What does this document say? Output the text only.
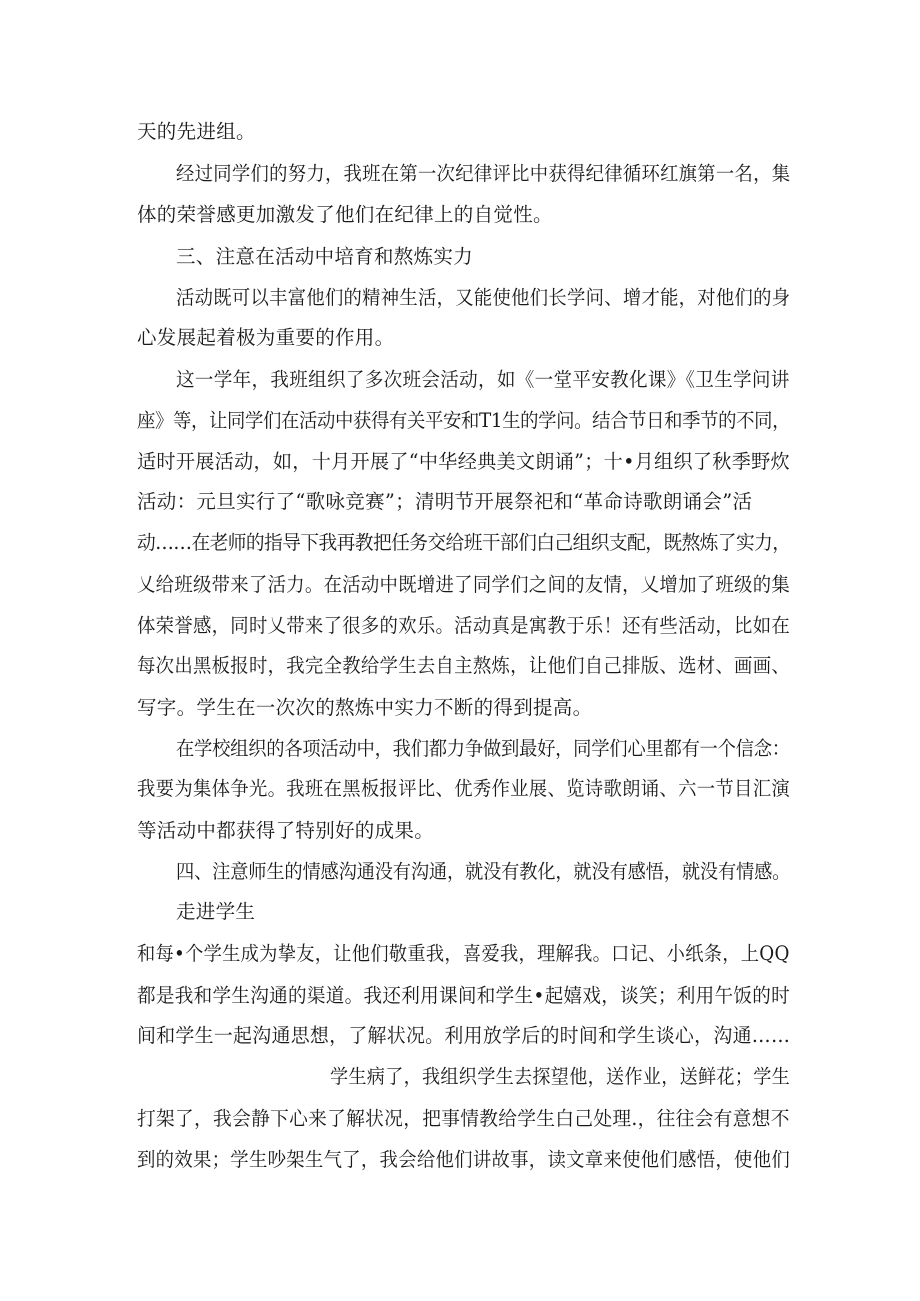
天的先进组。
经过同学们的努力，我班在第一次纪律评比中获得纪律循环红旗第一名，集
体的荣誉感更加激发了他们在纪律上的自觉性。
三、注意在活动中培育和熬炼实力
活动既可以丰富他们的精神生活，又能使他们长学问、增才能，对他们的身
心发展起着极为重要的作用。
这一学年，我班组织了多次班会活动，如《一堂平安教化课》《卫生学问讲
座》等，让同学们在活动中获得有关平安和T1生的学问。结合节日和季节的不同，
适时开展活动，如，十月开展了“中华经典美文朗诵”；十•月组织了秋季野炊
活动：元旦实行了“歌咏竞赛”；清明节开展祭祀和“革命诗歌朗诵会”活
动……在老师的指导下我再教把任务交给班干部们白己组织支配，既熬炼了实力，
乂给班级带来了活力。在活动中既增进了同学们之间的友情，乂增加了班级的集
体荣誉感，同时乂带来了很多的欢乐。活动真是寓教于乐！还有些活动，比如在
每次出黑板报时，我完全教给学生去自主熬炼，让他们自己排版、选材、画画、
写字。学生在一次次的熬炼中实力不断的得到提高。
在学校组织的各项活动中，我们都力争做到最好，同学们心里都有一个信念：
我要为集体争光。我班在黑板报评比、优秀作业展、览诗歌朗诵、六一节目汇演
等活动中都获得了特别好的成果。
四、注意师生的情感沟通没有沟通，就没有教化，就没有感悟，就没有情感。
走进学生
和每•个学生成为挚友，让他们敬重我，喜爱我，理解我。口记、小纸条，上QQ
都是我和学生沟通的渠道。我还利用课间和学生•起嬉戏，谈笑；利用午饭的时
间和学生一起沟通思想，了解状况。利用放学后的时间和学生谈心，沟通……
学生病了，我组织学生去探望他，送作业，送鲜花；学生
打架了，我会静下心来了解状况，把事情教给学生白己处理.，往往会有意想不
到的效果；学生吵架生气了，我会给他们讲故事，读文章来使他们感悟，使他们
